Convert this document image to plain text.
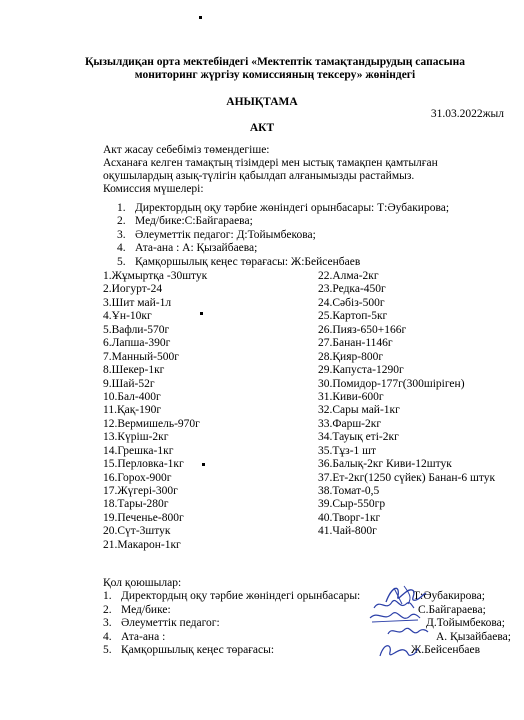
Қызылдиқан орта мектебіндегі «Мектептік тамақтандырудың сапасына
мониторинг жүргізу комиссияның тексеру» жөніндегі
АНЫҚТАМА
31.03.2022жыл
АКТ
Акт жасау себебіміз төмендегіше:
Асханаға келген тамақтың тізімдері мен ыстық тамақпен қамтылған
оқушылардың азық-түлігін қабылдап алғанымызды растаймыз.
Комиссия мүшелері:
1. Директордың оқу тәрбие жөніндегі орынбасары: Т:Әубакирова;
2. Мед/бике:С:Байгараева;
3. Әлеуметтік педагог: Д:Тойымбекова;
4. Ата-ана : А: Қызайбаева;
5. Қамқоршылық кеңес төрағасы: Ж:Бейсенбаев
1.Жұмыртқа -30штук
2.Иогурт-24
3.Шит май-1л
4.Ұн-10кг
5.Вафли-570г
6.Лапша-390г
7.Манный-500г
8.Шекер-1кг
9.Шай-52г
10.Бал-400г
11.Қақ-190г
12.Вермишель-970г
13.Күріш-2кг
14.Грешка-1кг
15.Перловка-1кг
16.Горох-900г
17.Жүгері-300г
18.Тары-280г
19.Печенье-800г
20.Сүт-3штук
21.Макарон-1кг
22.Алма-2кг
23.Редка-450г
24.Сәбіз-500г
25.Картоп-5кг
26.Пияз-650+166г
27.Банан-1146г
28.Қияр-800г
29.Капуста-1290г
30.Помидор-177г(300шіріген)
31.Киви-600г
32.Сары май-1кг
33.Фарш-2кг
34.Тауық еті-2кг
35.Тұз-1 шт
36.Балық-2кг Киви-12штук
37.Ет-2кг(1250 сүйек) Банан-6 штук
38.Томат-0,5
39.Сыр-550гр
40.Творг-1кг
41.Чай-800г
Қол қоюшылар:
1. Директордың оқу тәрбие жөніндегі орынбасары:	Т:Әубакирова;
2. Мед/бике:	С.Байгараева;
3. Әлеуметтік педагог:	Д.Тойымбекова;
4. Ата-ана :	А. Қызайбаева;
5. Қамқоршылық кеңес төрағасы:	Ж.Бейсенбаев
